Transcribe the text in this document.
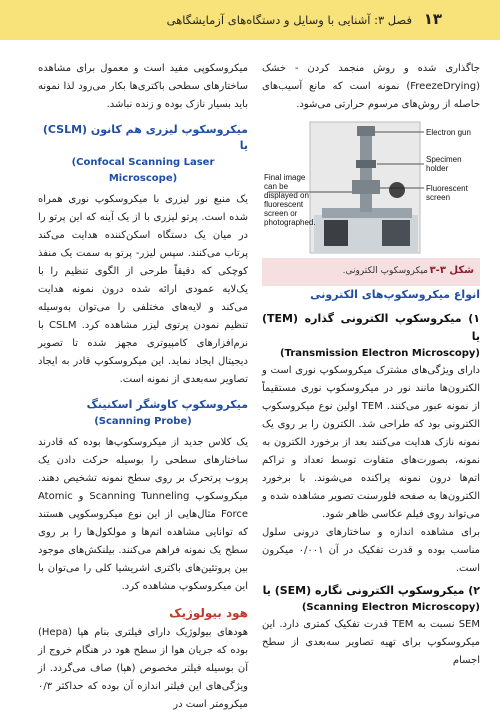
فصل ۳: آشنایی با وسایل و دستگاه‌های آزمایشگاهی ۱۳

میکروسکوپی مفید است و معمول برای مشاهده ساختارهای سطحی باکتری‌ها بکار می‌رود لذا نمونه باید بسیار نازک بوده و زنده نباشد.

میکروسکوپ لیزری هم کانون (CSLM) یا
(Confocal Scanning Laser Microscope)

یک منبع نور لیزری با میکروسکوپ نوری همراه شده است. پرتو لیزری با از یک آینه که این پرتو را در میان یک دستگاه اسکن‌کننده هدایت می‌کند پرتاب می‌کنند. سپس لیزر- پرتو به سمت یک منفذ کوچکی که دقیقاً طرحی از الگوی تنظیم را با یک‌لایه عمودی ارائه شده درون نمونه هدایت می‌کند و لایه‌های مختلفی را می‌توان به‌وسیله تنظیم نمودن پرتوی لیزر مشاهده کرد. CSLM با نرم‌افزارهای کامپیوتری مجهز شده تا تصویر دیجیتال ایجاد نماید. این میکروسکوپ قادر به ایجاد تصاویر سه‌بعدی از نمونه است.

میکروسکوپ کاوشگر اسکنینگ
(Scanning Probe)

یک کلاس جدید از میکروسکوپ‌ها بوده که قادرند ساختارهای سطحی را بوسیله حرکت دادن یک پروب پرتحرک بر روی سطح نمونه تشخیص دهند. میکروسکوپ Scanning Tunneling و Atomic Force مثال‌هایی از این نوع میکروسکوپی هستند که توانایی مشاهده اتم‌ها و مولکول‌ها را بر روی سطح یک نمونه فراهم می‌کنند. بیلنکش‌های موجود بین پروتئین‌های باکتری اشریشیا کلی را می‌توان با این میکروسکوپ مشاهده کرد.

هود بیولوژیک

هودهای بیولوژیک دارای فیلتری بنام هپا (Hepa) بوده که جریان هوا از سطح هود در هنگام خروج از آن بوسیله فیلتر مخصوص (هپا) صاف می‌گردد. از ویژگی‌های این فیلتر اندازه آن بوده که حداکثر ۰/۳ میکرومتر است در

جاگذاری شده و روش منجمد کردن - خشک (FreezeDrying) نمونه است که مانع آسیب‌های حاصله از روش‌های مرسوم حرارتی می‌شود.

Electron gun
Specimen
holder
Fluorescent
screen
Final image
can be
displayed on
fluorescent
screen or
photographed.
شکل ۳-۳
میکروسکوپ الکترونی.
انواع میکروسکوپ‌های الکترونی
۱) میکروسکوپ الکترونی گذاره (TEM) یا
(Transmission Electron Microscopy)

دارای ویژگی‌های مشترک میکروسکوپ نوری است و الکترون‌ها مانند نور در میکروسکوپ نوری مستقیماً از نمونه عبور می‌کنند. TEM اولین نوع میکروسکوپ الکترونی بود که طراحی شد. الکترون را بر روی یک نمونه نازک هدایت می‌کنند بعد از برخورد الکترون به نمونه، بصورت‌های متفاوت توسط تعداد و تراکم اتم‌ها درون نمونه پراکنده می‌شوند. با برخورد الکترون‌ها به صفحه فلورسنت تصویر مشاهده شده و می‌تواند روی فیلم عکاسی ظاهر شود.

برای مشاهده اندازه و ساختارهای درونی سلول مناسب بوده و قدرت تفکیک در آن ۰/۰۰۱ میکرون است.

۲) میکروسکوپ الکترونی نگاره (SEM) یا
(Scanning Electron Microscopy)

SEM نسبت به TEM قدرت تفکیک کمتری دارد. این میکروسکوپ برای تهیه تصاویر سه‌بعدی از سطح اجسام
